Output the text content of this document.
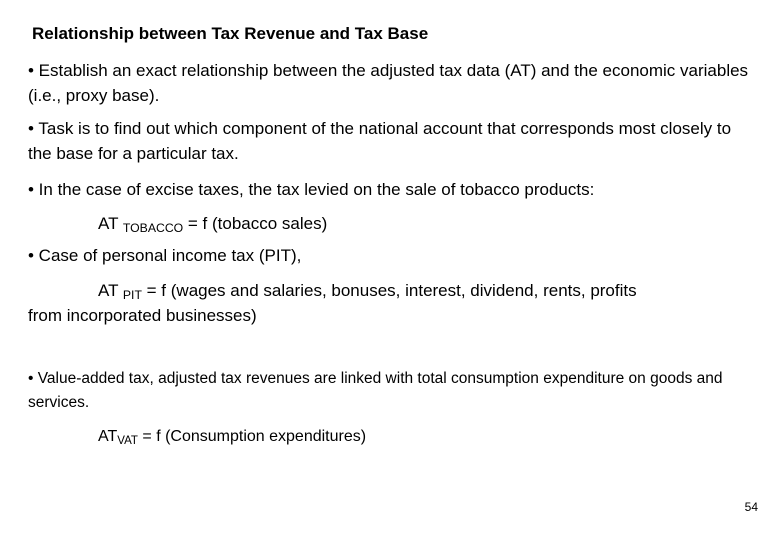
Relationship between Tax Revenue and Tax Base
• Establish an exact relationship between the adjusted tax data (AT) and the economic variables (i.e., proxy base).
• Task is to find out which component of the national account that corresponds most closely to the base for a particular tax.
• In the case of excise taxes, the tax levied on the sale of tobacco products:
AT $_{TOBACCO}$ = f (tobacco sales)
• Case of personal income tax (PIT),
AT $_{PIT}$ = f (wages and salaries, bonuses, interest, dividend, rents, profits
from incorporated businesses)
• Value-added tax, adjusted tax revenues are linked with total consumption expenditure on goods and services.
$AT_{VAT} = f$ (Consumption expenditures)
54
